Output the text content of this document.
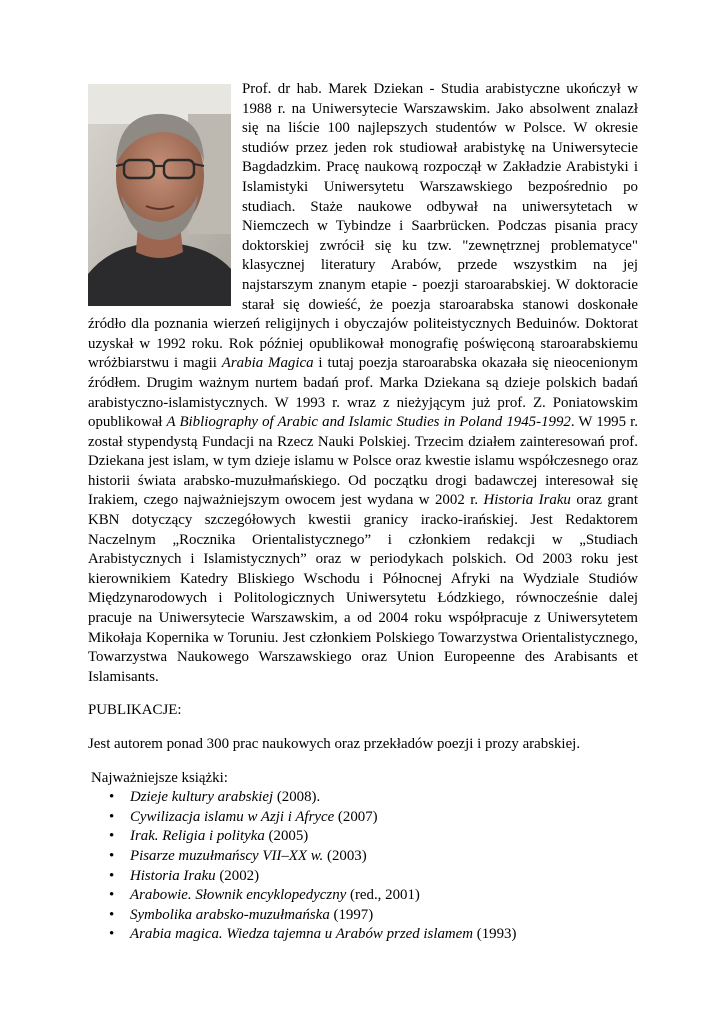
Prof. dr hab. Marek Dziekan - Studia arabistyczne ukończył w 1988 r. na Uniwersytecie Warszawskim. Jako absolwent znalazł się na liście 100 najlepszych studentów w Polsce. W okresie studiów przez jeden rok studiował arabistykę na Uniwersytecie Bagdadzkim. Pracę naukową rozpoczął w Zakładzie Arabistyki i Islamistyki Uniwersytetu Warszawskiego bezpośrednio po studiach. Staże naukowe odbywał na uniwersytetach w Niemczech w Tybindze i Saarbrücken. Podczas pisania pracy doktorskiej zwrócił się ku tzw. "zewnętrznej problematyce" klasycznej literatury Arabów, przede wszystkim na jej najstarszym znanym etapie - poezji staroarabskiej. W doktoracie starał się dowieść, że poezja staroarabska stanowi doskonałe źródło dla poznania wierzeń religijnych i obyczajów politeistycznych Beduinów. Doktorat uzyskał w 1992 roku. Rok później opublikował monografię poświęconą staroarabskiemu wróżbiarstwu i magii Arabia Magica i tutaj poezja staroarabska okazała się nieocenionym źródłem. Drugim ważnym nurtem badań prof. Marka Dziekana są dzieje polskich badań arabistyczno-islamistycznych. W 1993 r. wraz z nieżyjącym już prof. Z. Poniatowskim opublikował A Bibliography of Arabic and Islamic Studies in Poland 1945-1992. W 1995 r. został stypendystą Fundacji na Rzecz Nauki Polskiej. Trzecim działem zainteresowań prof. Dziekana jest islam, w tym dzieje islamu w Polsce oraz kwestie islamu współczesnego oraz historii świata arabsko-muzułmańskiego. Od początku drogi badawczej interesował się Irakiem, czego najważniejszym owocem jest wydana w 2002 r. Historia Iraku oraz grant KBN dotyczący szczegółowych kwestii granicy iracko-irańskiej. Jest Redaktorem Naczelnym „Rocznika Orientalistycznego” i członkiem redakcji w „Studiach Arabistycznych i Islamistycznych” oraz w periodykach polskich. Od 2003 roku jest kierownikiem Katedry Bliskiego Wschodu i Północnej Afryki na Wydziale Studiów Międzynarodowych i Politologicznych Uniwersytetu Łódzkiego, równocześnie dalej pracuje na Uniwersytecie Warszawskim, a od 2004 roku współpracuje z Uniwersytetem Mikołaja Kopernika w Toruniu. Jest członkiem Polskiego Towarzystwa Orientalistycznego, Towarzystwa Naukowego Warszawskiego oraz Union Europeenne des Arabisants et Islamisants.

PUBLIKACJE:

Jest autorem ponad 300 prac naukowych oraz przekładów poezji i prozy arabskiej.

Najważniejsze książki:

• Dzieje kultury arabskiej (2008).
• Cywilizacja islamu w Azji i Afryce (2007)
• Irak. Religia i polityka (2005)
• Pisarze muzułmańscy VII–XX w. (2003)
• Historia Iraku (2002)
• Arabowie. Słownik encyklopedyczny (red., 2001)
• Symbolika arabsko-muzułmańska (1997)
• Arabia magica. Wiedza tajemna u Arabów przed islamem (1993)
